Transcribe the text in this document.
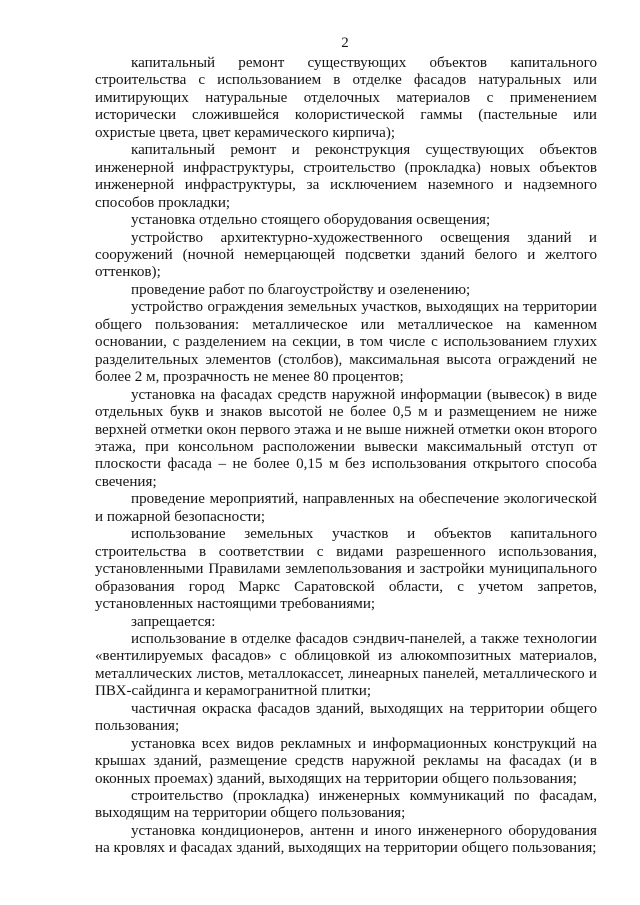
2

капитальный ремонт существующих объектов капитального строительства с использованием в отделке фасадов натуральных или имитирующих натуральные отделочных материалов с применением исторически сложившейся колористической гаммы (пастельные или охристые цвета, цвет керамического кирпича);

капитальный ремонт и реконструкция существующих объектов инженерной инфраструктуры, строительство (прокладка) новых объектов инженерной инфраструктуры, за исключением наземного и надземного способов прокладки;

установка отдельно стоящего оборудования освещения;

устройство архитектурно-художественного освещения зданий и сооружений (ночной немерцающей подсветки зданий белого и желтого оттенков);

проведение работ по благоустройству и озеленению;

устройство ограждения земельных участков, выходящих на территории общего пользования: металлическое или металлическое на каменном основании, с разделением на секции, в том числе с использованием глухих разделительных элементов (столбов), максимальная высота ограждений не более 2 м, прозрачность не менее 80 процентов;

установка на фасадах средств наружной информации (вывесок) в виде отдельных букв и знаков высотой не более 0,5 м и размещением не ниже верхней отметки окон первого этажа и не выше нижней отметки окон второго этажа, при консольном расположении вывески максимальный отступ от плоскости фасада – не более 0,15 м без использования открытого способа свечения;

проведение мероприятий, направленных на обеспечение экологической и пожарной безопасности;

использование земельных участков и объектов капитального строительства в соответствии с видами разрешенного использования, установленными Правилами землепользования и застройки муниципального образования город Маркс Саратовской области, с учетом запретов, установленных настоящими требованиями;

запрещается:

использование в отделке фасадов сэндвич-панелей, а также технологии «вентилируемых фасадов» с облицовкой из алюкомпозитных материалов, металлических листов, металлокассет, линеарных панелей, металлического и ПВХ-сайдинга и керамогранитной плитки;

частичная окраска фасадов зданий, выходящих на территории общего пользования;

установка всех видов рекламных и информационных конструкций на крышах зданий, размещение средств наружной рекламы на фасадах (и в оконных проемах) зданий, выходящих на территории общего пользования;

строительство (прокладка) инженерных коммуникаций по фасадам, выходящим на территории общего пользования;

установка кондиционеров, антенн и иного инженерного оборудования на кровлях и фасадах зданий, выходящих на территории общего пользования;
